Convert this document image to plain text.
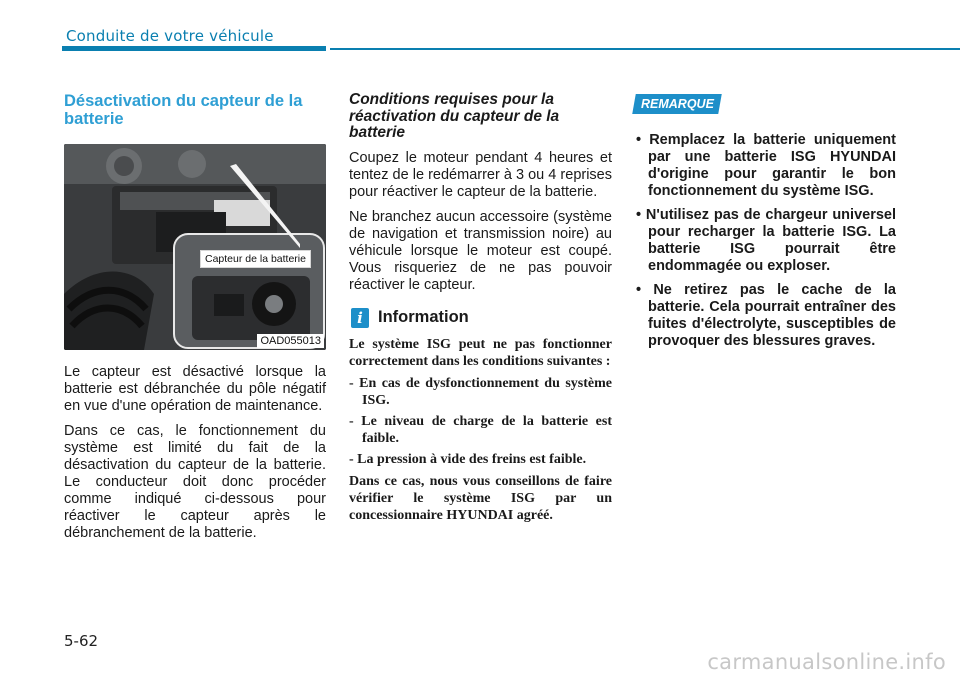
Conduite de votre véhicule
Désactivation du capteur de la batterie
Capteur de la batterie
OAD055013

Le capteur est désactivé lorsque la batterie est débranchée du pôle négatif en vue d'une opération de maintenance.

Dans ce cas, le fonctionnement du système est limité du fait de la désactivation du capteur de la batterie. Le conducteur doit donc procéder comme indiqué ci-dessous pour réactiver le capteur après le débranchement de la batterie.

Conditions requises pour la réactivation du capteur de la batterie

Coupez le moteur pendant 4 heures et tentez de le redémarrer à 3 ou 4 reprises pour réactiver le capteur de la batterie.

Ne branchez aucun accessoire (système de navigation et transmission noire) au véhicule lorsque le moteur est coupé. Vous risqueriez de ne pas pouvoir réactiver le capteur.

i Information

Le système ISG peut ne pas fonctionner correctement dans les conditions suivantes :

- En cas de dysfonctionnement du système ISG.
- Le niveau de charge de la batterie est faible.
- La pression à vide des freins est faible.

Dans ce cas, nous vous conseillons de faire vérifier le système ISG par un concessionnaire HYUNDAI agréé.

REMARQUE
• Remplacez la batterie uniquement par une batterie ISG HYUNDAI d'origine pour garantir le bon fonctionnement du système ISG.
• N'utilisez pas de chargeur universel pour recharger la batterie ISG. La batterie ISG pourrait être endommagée ou exploser.
• Ne retirez pas le cache de la batterie. Cela pourrait entraîner des fuites d'électrolyte, susceptibles de provoquer des blessures graves.
5-62
carmanualsonline.info
